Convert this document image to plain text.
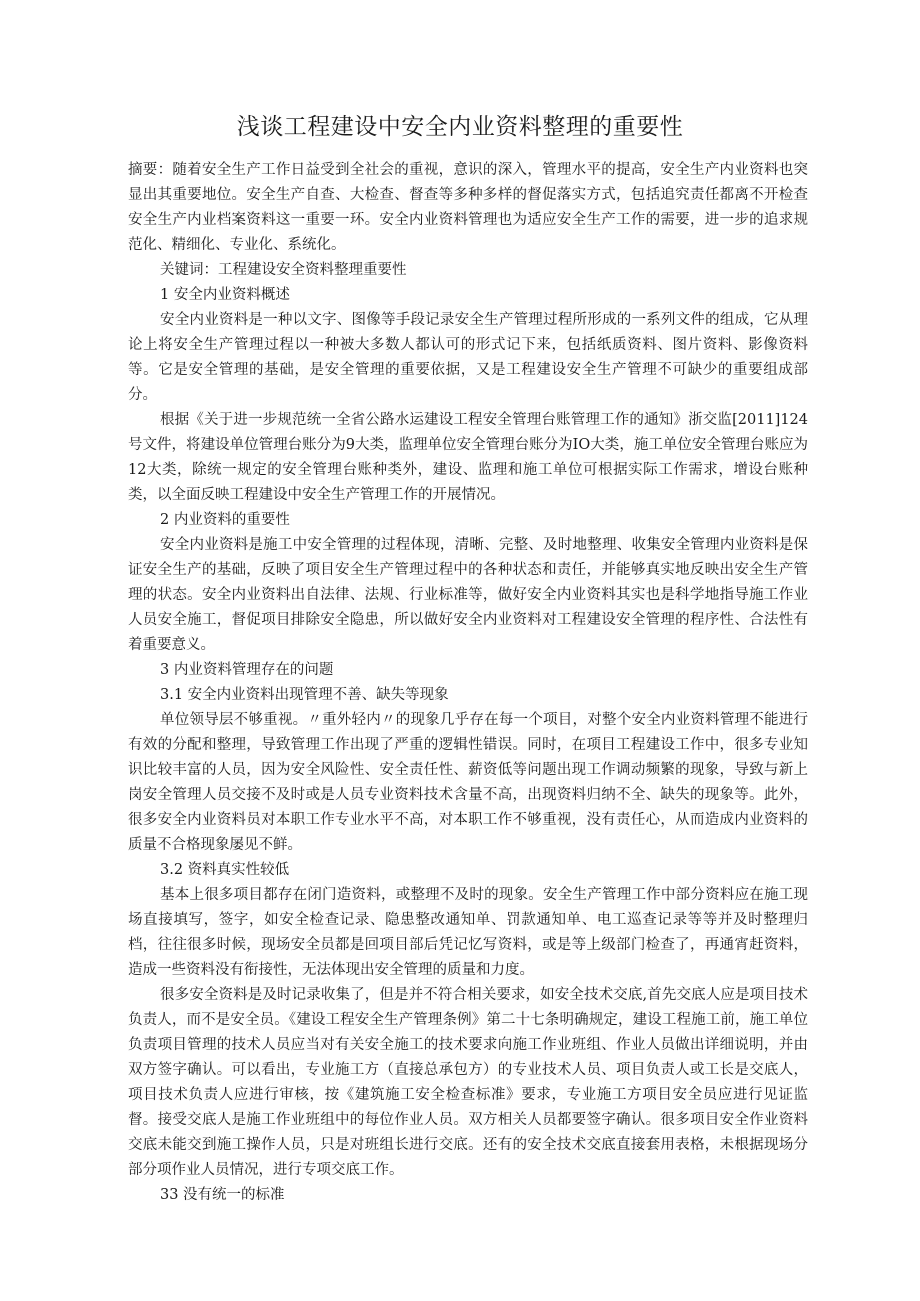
浅谈工程建设中安全内业资料整理的重要性

摘要：随着安全生产工作日益受到全社会的重视，意识的深入，管理水平的提高，安全生产内业资料也突显出其重要地位。安全生产自查、大检查、督查等多种多样的督促落实方式，包括追究责任都离不开检查安全生产内业档案资料这一重要一环。安全内业资料管理也为适应安全生产工作的需要，进一步的追求规范化、精细化、专业化、系统化。

关键词：工程建设安全资料整理重要性

1 安全内业资料概述

安全内业资料是一种以文字、图像等手段记录安全生产管理过程所形成的一系列文件的组成，它从理论上将安全生产管理过程以一种被大多数人都认可的形式记下来，包括纸质资料、图片资料、影像资料等。它是安全管理的基础，是安全管理的重要依据，又是工程建设安全生产管理不可缺少的重要组成部分。

根据《关于进一步规范统一全省公路水运建设工程安全管理台账管理工作的通知》浙交监[2011]124号文件，将建设单位管理台账分为9大类，监理单位安全管理台账分为IO大类，施工单位安全管理台账应为12大类，除统一规定的安全管理台账种类外，建设、监理和施工单位可根据实际工作需求，增设台账种类，以全面反映工程建设中安全生产管理工作的开展情况。

2 内业资料的重要性

安全内业资料是施工中安全管理的过程体现，清晰、完整、及时地整理、收集安全管理内业资料是保证安全生产的基础，反映了项目安全生产管理过程中的各种状态和责任，并能够真实地反映出安全生产管理的状态。安全内业资料出自法律、法规、行业标准等，做好安全内业资料其实也是科学地指导施工作业人员安全施工，督促项目排除安全隐患，所以做好安全内业资料对工程建设安全管理的程序性、合法性有着重要意义。

3 内业资料管理存在的问题

3.1 安全内业资料出现管理不善、缺失等现象

单位领导层不够重视。〃重外轻内〃的现象几乎存在每一个项目，对整个安全内业资料管理不能进行有效的分配和整理，导致管理工作出现了严重的逻辑性错误。同时，在项目工程建设工作中，很多专业知识比较丰富的人员，因为安全风险性、安全责任性、薪资低等问题出现工作调动频繁的现象，导致与新上岗安全管理人员交接不及时或是人员专业资料技术含量不高，出现资料归纳不全、缺失的现象等。此外，很多安全内业资料员对本职工作专业水平不高，对本职工作不够重视，没有责任心，从而造成内业资料的质量不合格现象屡见不鲜。

3.2 资料真实性较低

基本上很多项目都存在闭门造资料，或整理不及时的现象。安全生产管理工作中部分资料应在施工现场直接填写，签字，如安全检查记录、隐患整改通知单、罚款通知单、电工巡查记录等等并及时整理归档，往往很多时候，现场安全员都是回项目部后凭记忆写资料，或是等上级部门检查了，再通宵赶资料，造成一些资料没有衔接性，无法体现出安全管理的质量和力度。

很多安全资料是及时记录收集了，但是并不符合相关要求，如安全技术交底,首先交底人应是项目技术负责人，而不是安全员。《建设工程安全生产管理条例》第二十七条明确规定，建设工程施工前，施工单位负责项目管理的技术人员应当对有关安全施工的技术要求向施工作业班组、作业人员做出详细说明，并由双方签字确认。可以看出，专业施工方（直接总承包方）的专业技术人员、项目负责人或工长是交底人，项目技术负责人应进行审核，按《建筑施工安全检查标准》要求，专业施工方项目安全员应进行见证监督。接受交底人是施工作业班组中的每位作业人员。双方相关人员都要签字确认。很多项目安全作业资料交底未能交到施工操作人员，只是对班组长进行交底。还有的安全技术交底直接套用表格，未根据现场分部分项作业人员情况，进行专项交底工作。

33 没有统一的标准
